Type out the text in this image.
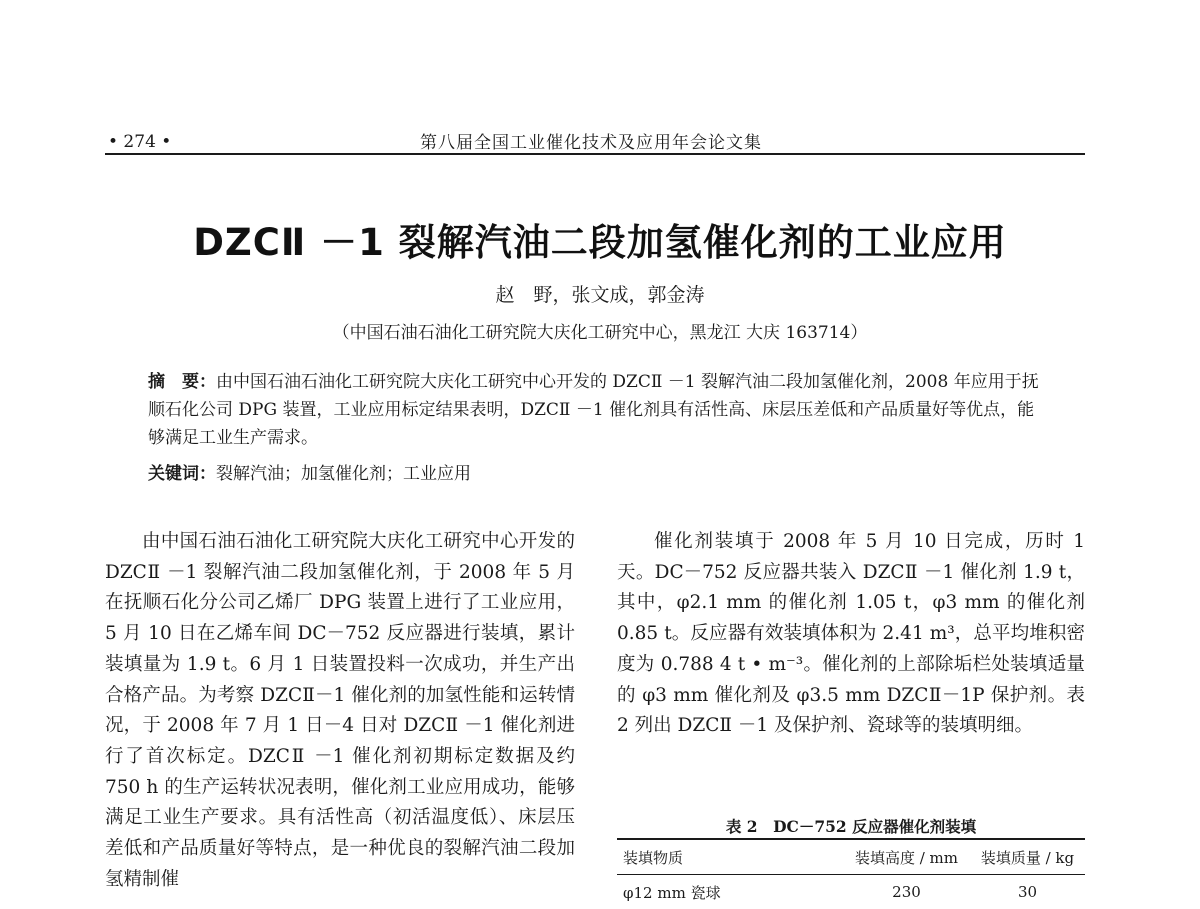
• 274 •	第八届全国工业催化技术及应用年会论文集
DZCⅡ －1 裂解汽油二段加氢催化剂的工业应用
赵　野，张文成，郭金涛
（中国石油石油化工研究院大庆化工研究中心，黑龙江 大庆 163714）
摘　要：由中国石油石油化工研究院大庆化工研究中心开发的 DZCⅡ －1 裂解汽油二段加氢催化剂，2008 年应用于抚顺石化公司 DPG 装置，工业应用标定结果表明，DZCⅡ －1 催化剂具有活性高、床层压差低和产品质量好等优点，能够满足工业生产需求。
关键词：裂解汽油；加氢催化剂；工业应用

由中国石油石油化工研究院大庆化工研究中心开发的 DZCⅡ －1 裂解汽油二段加氢催化剂，于 2008 年 5 月在抚顺石化分公司乙烯厂 DPG 装置上进行了工业应用，5 月 10 日在乙烯车间 DC－752 反应器进行装填，累计装填量为 1.9 t。6 月 1 日装置投料一次成功，并生产出合格产品。为考察 DZCⅡ－1 催化剂的加氢性能和运转情况，于 2008 年 7 月 1 日－4 日对 DZCⅡ －1 催化剂进行了首次标定。DZCⅡ －1 催化剂初期标定数据及约 750 h 的生产运转状况表明，催化剂工业应用成功，能够满足工业生产要求。具有活性高（初活温度低）、床层压差低和产品质量好等特点，是一种优良的裂解汽油二段加氢精制催

催化剂装填于 2008 年 5 月 10 日完成，历时 1 天。DC－752 反应器共装入 DZCⅡ －1 催化剂 1.9 t，其中，φ2.1 mm 的催化剂 1.05 t，φ3 mm 的催化剂 0.85 t。反应器有效装填体积为 2.41 m³，总平均堆积密度为 0.788 4 t • m⁻³。催化剂的上部除垢栏处装填适量的 φ3 mm 催化剂及 φ3.5 mm DZCⅡ－1P 保护剂。表 2 列出 DZCⅡ －1 及保护剂、瓷球等的装填明细。

表 2　DC－752 反应器催化剂装填
装填物质	装填高度 / mm	装填质量 / kg
φ12 mm 瓷球	230	30
